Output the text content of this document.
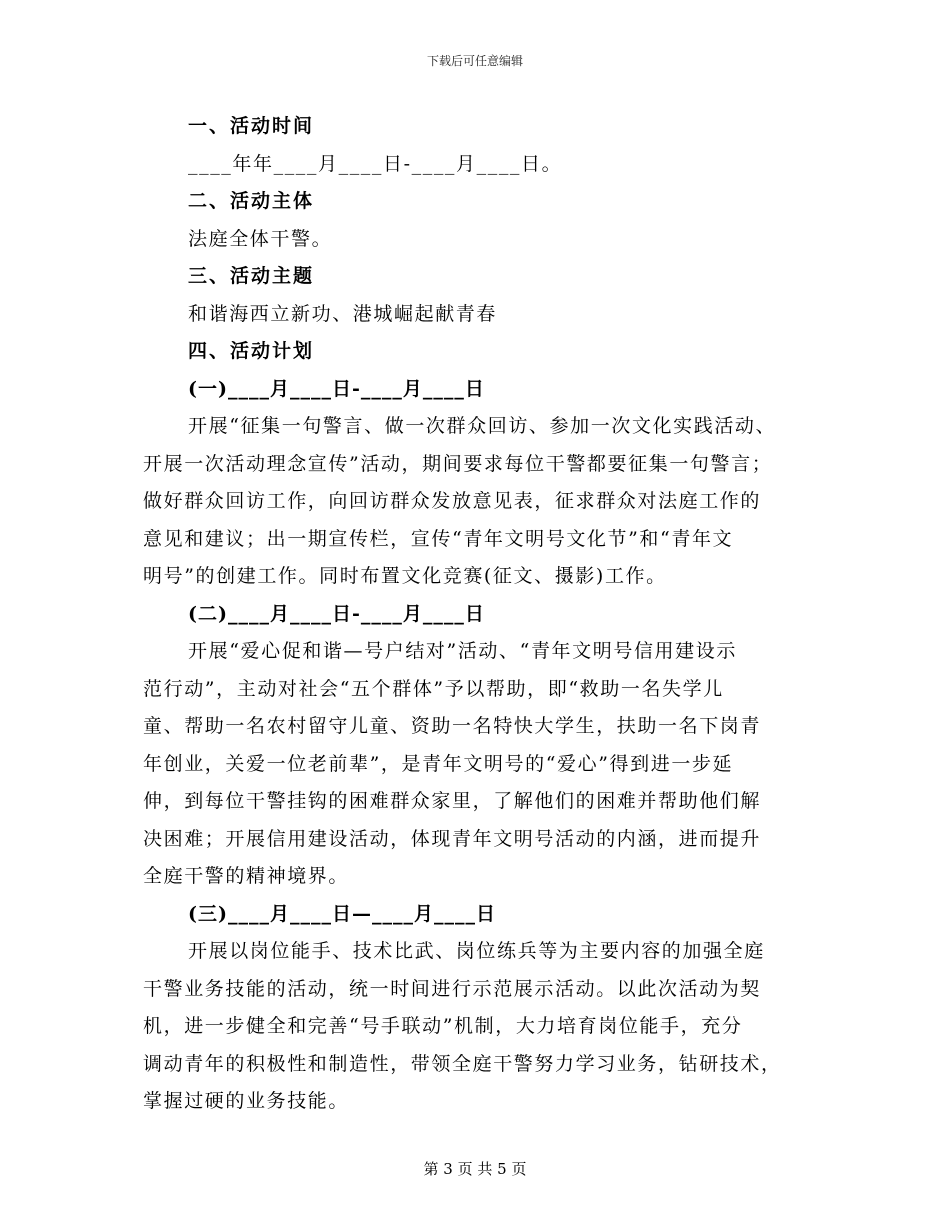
下载后可任意编辑
一、活动时间
____年年____月____日-____月____日。
二、活动主体
法庭全体干警。
三、活动主题
和谐海西立新功、港城崛起献青春
四、活动计划
(一)____月____日-____月____日
开展“征集一句警言、做一次群众回访、参加一次文化实践活动、
开展一次活动理念宣传”活动，期间要求每位干警都要征集一句警言；
做好群众回访工作，向回访群众发放意见表，征求群众对法庭工作的
意见和建议；出一期宣传栏，宣传“青年文明号文化节”和“青年文
明号”的创建工作。同时布置文化竞赛(征文、摄影)工作。
(二)____月____日-____月____日
开展“爱心促和谐—号户结对”活动、“青年文明号信用建设示
范行动”，主动对社会“五个群体”予以帮助，即“救助一名失学儿
童、帮助一名农村留守儿童、资助一名特快大学生，扶助一名下岗青
年创业，关爱一位老前辈”，是青年文明号的“爱心”得到进一步延
伸，到每位干警挂钩的困难群众家里，了解他们的困难并帮助他们解
决困难；开展信用建设活动，体现青年文明号活动的内涵，进而提升
全庭干警的精神境界。
(三)____月____日—____月____日
开展以岗位能手、技术比武、岗位练兵等为主要内容的加强全庭
干警业务技能的活动，统一时间进行示范展示活动。以此次活动为契
机，进一步健全和完善“号手联动”机制，大力培育岗位能手，充分
调动青年的积极性和制造性，带领全庭干警努力学习业务，钻研技术，
掌握过硬的业务技能。
第 3 页 共 5 页
